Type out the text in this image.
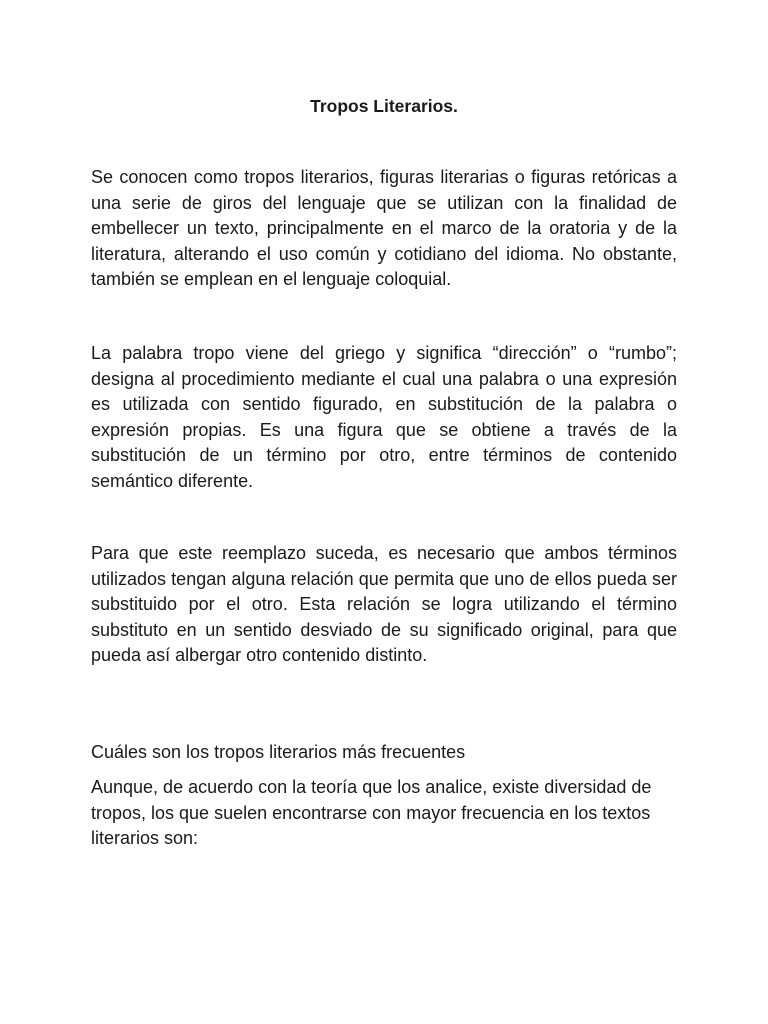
Tropos Literarios.

Se conocen como tropos literarios, figuras literarias o figuras retóricas a una serie de giros del lenguaje que se utilizan con la finalidad de embellecer un texto, principalmente en el marco de la oratoria y de la literatura, alterando el uso común y cotidiano del idioma. No obstante, también se emplean en el lenguaje coloquial.

La palabra tropo viene del griego y significa “dirección” o “rumbo”; designa al procedimiento mediante el cual una palabra o una expresión es utilizada con sentido figurado, en substitución de la palabra o expresión propias. Es una figura que se obtiene a través de la substitución de un término por otro, entre términos de contenido semántico diferente.

Para que este reemplazo suceda, es necesario que ambos términos utilizados tengan alguna relación que permita que uno de ellos pueda ser substituido por el otro. Esta relación se logra utilizando el término substituto en un sentido desviado de su significado original, para que pueda así albergar otro contenido distinto.

Cuáles son los tropos literarios más frecuentes

Aunque, de acuerdo con la teoría que los analice, existe diversidad de tropos, los que suelen encontrarse con mayor frecuencia en los textos literarios son:
